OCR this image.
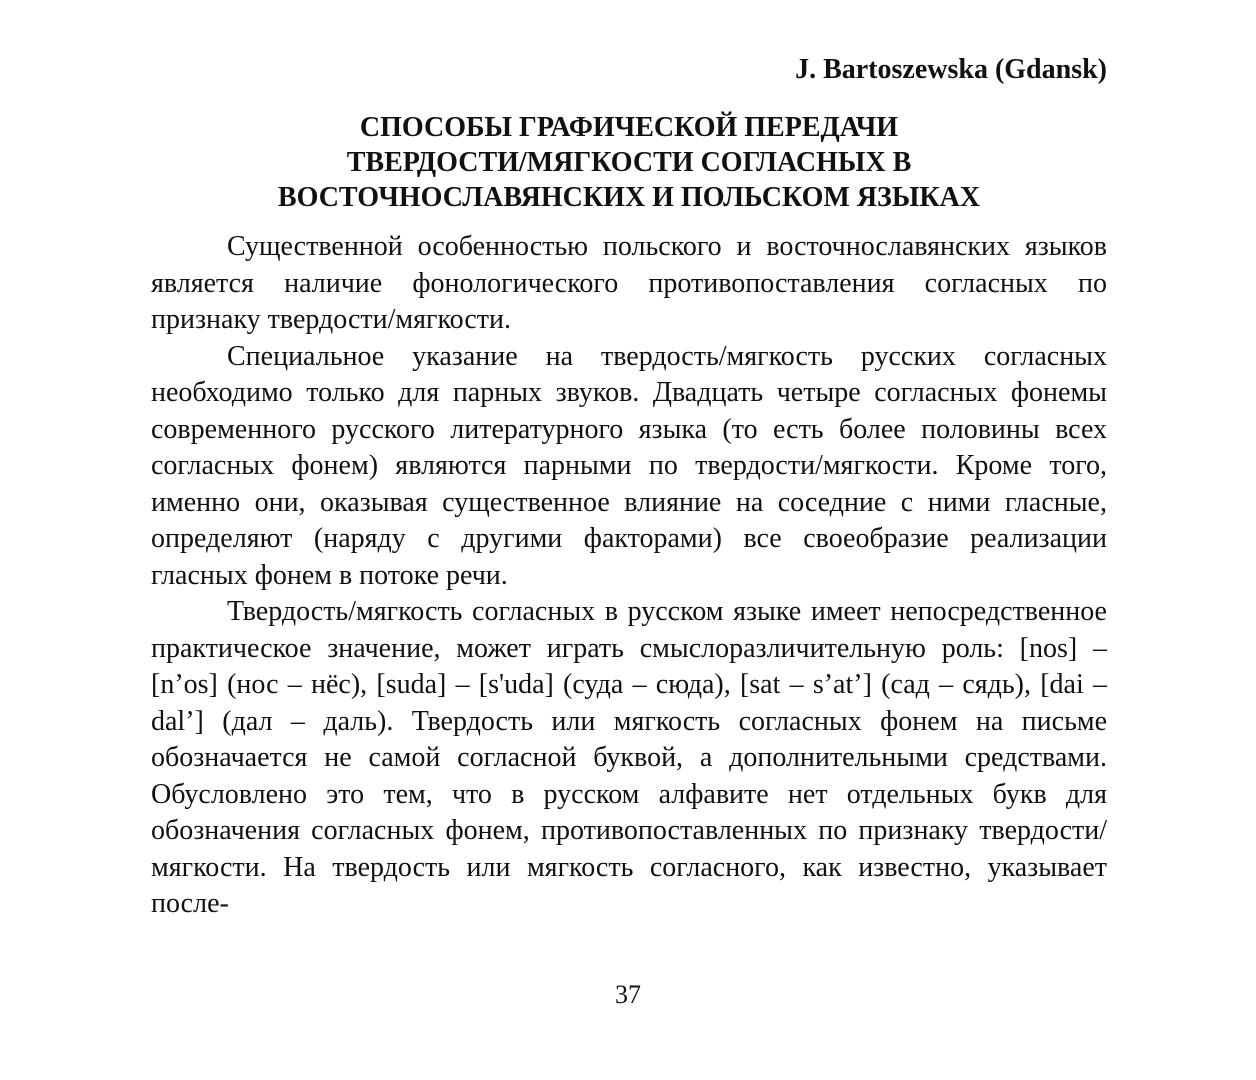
J. Bartoszewska (Gdansk)
СПОСОБЫ ГРАФИЧЕСКОЙ ПЕРЕДАЧИ
ТВЕРДОСТИ/МЯГКОСТИ СОГЛАСНЫХ В
ВОСТОЧНОСЛАВЯНСКИХ И ПОЛЬСКОМ ЯЗЫКАХ

Существенной особенностью польского и восточнославянских языков является наличие фонологического противопоставления согласных по признаку твердости/мягкости.

Специальное указание на твердость/мягкость русских согласных необходимо только для парных звуков. Двадцать четыре согласных фонемы современного русского литературного языка (то есть более половины всех согласных фонем) являются парными по твердости/мягкости. Кроме того, именно они, оказывая существенное влияние на соседние с ними гласные, определяют (наряду с другими факторами) все своеобразие реализации гласных фонем в потоке речи.

Твердость/мягкость согласных в русском языке имеет непосредственное практическое значение, может играть смыслоразличительную роль: [nos] – [n’os] (нос – нёс), [suda] – [s'uda] (суда – сюда), [sat – s’at’] (сад – сядь), [dai – dal’] (дал – даль). Твердость или мягкость согласных фонем на письме обозначается не самой согласной буквой, а дополнительными средствами. Обусловлено это тем, что в русском алфавите нет отдельных букв для обозначения согласных фонем, противопоставленных по признаку твердости/мягкости. На твердость или мягкость согласного, как известно, указывает после-

37
